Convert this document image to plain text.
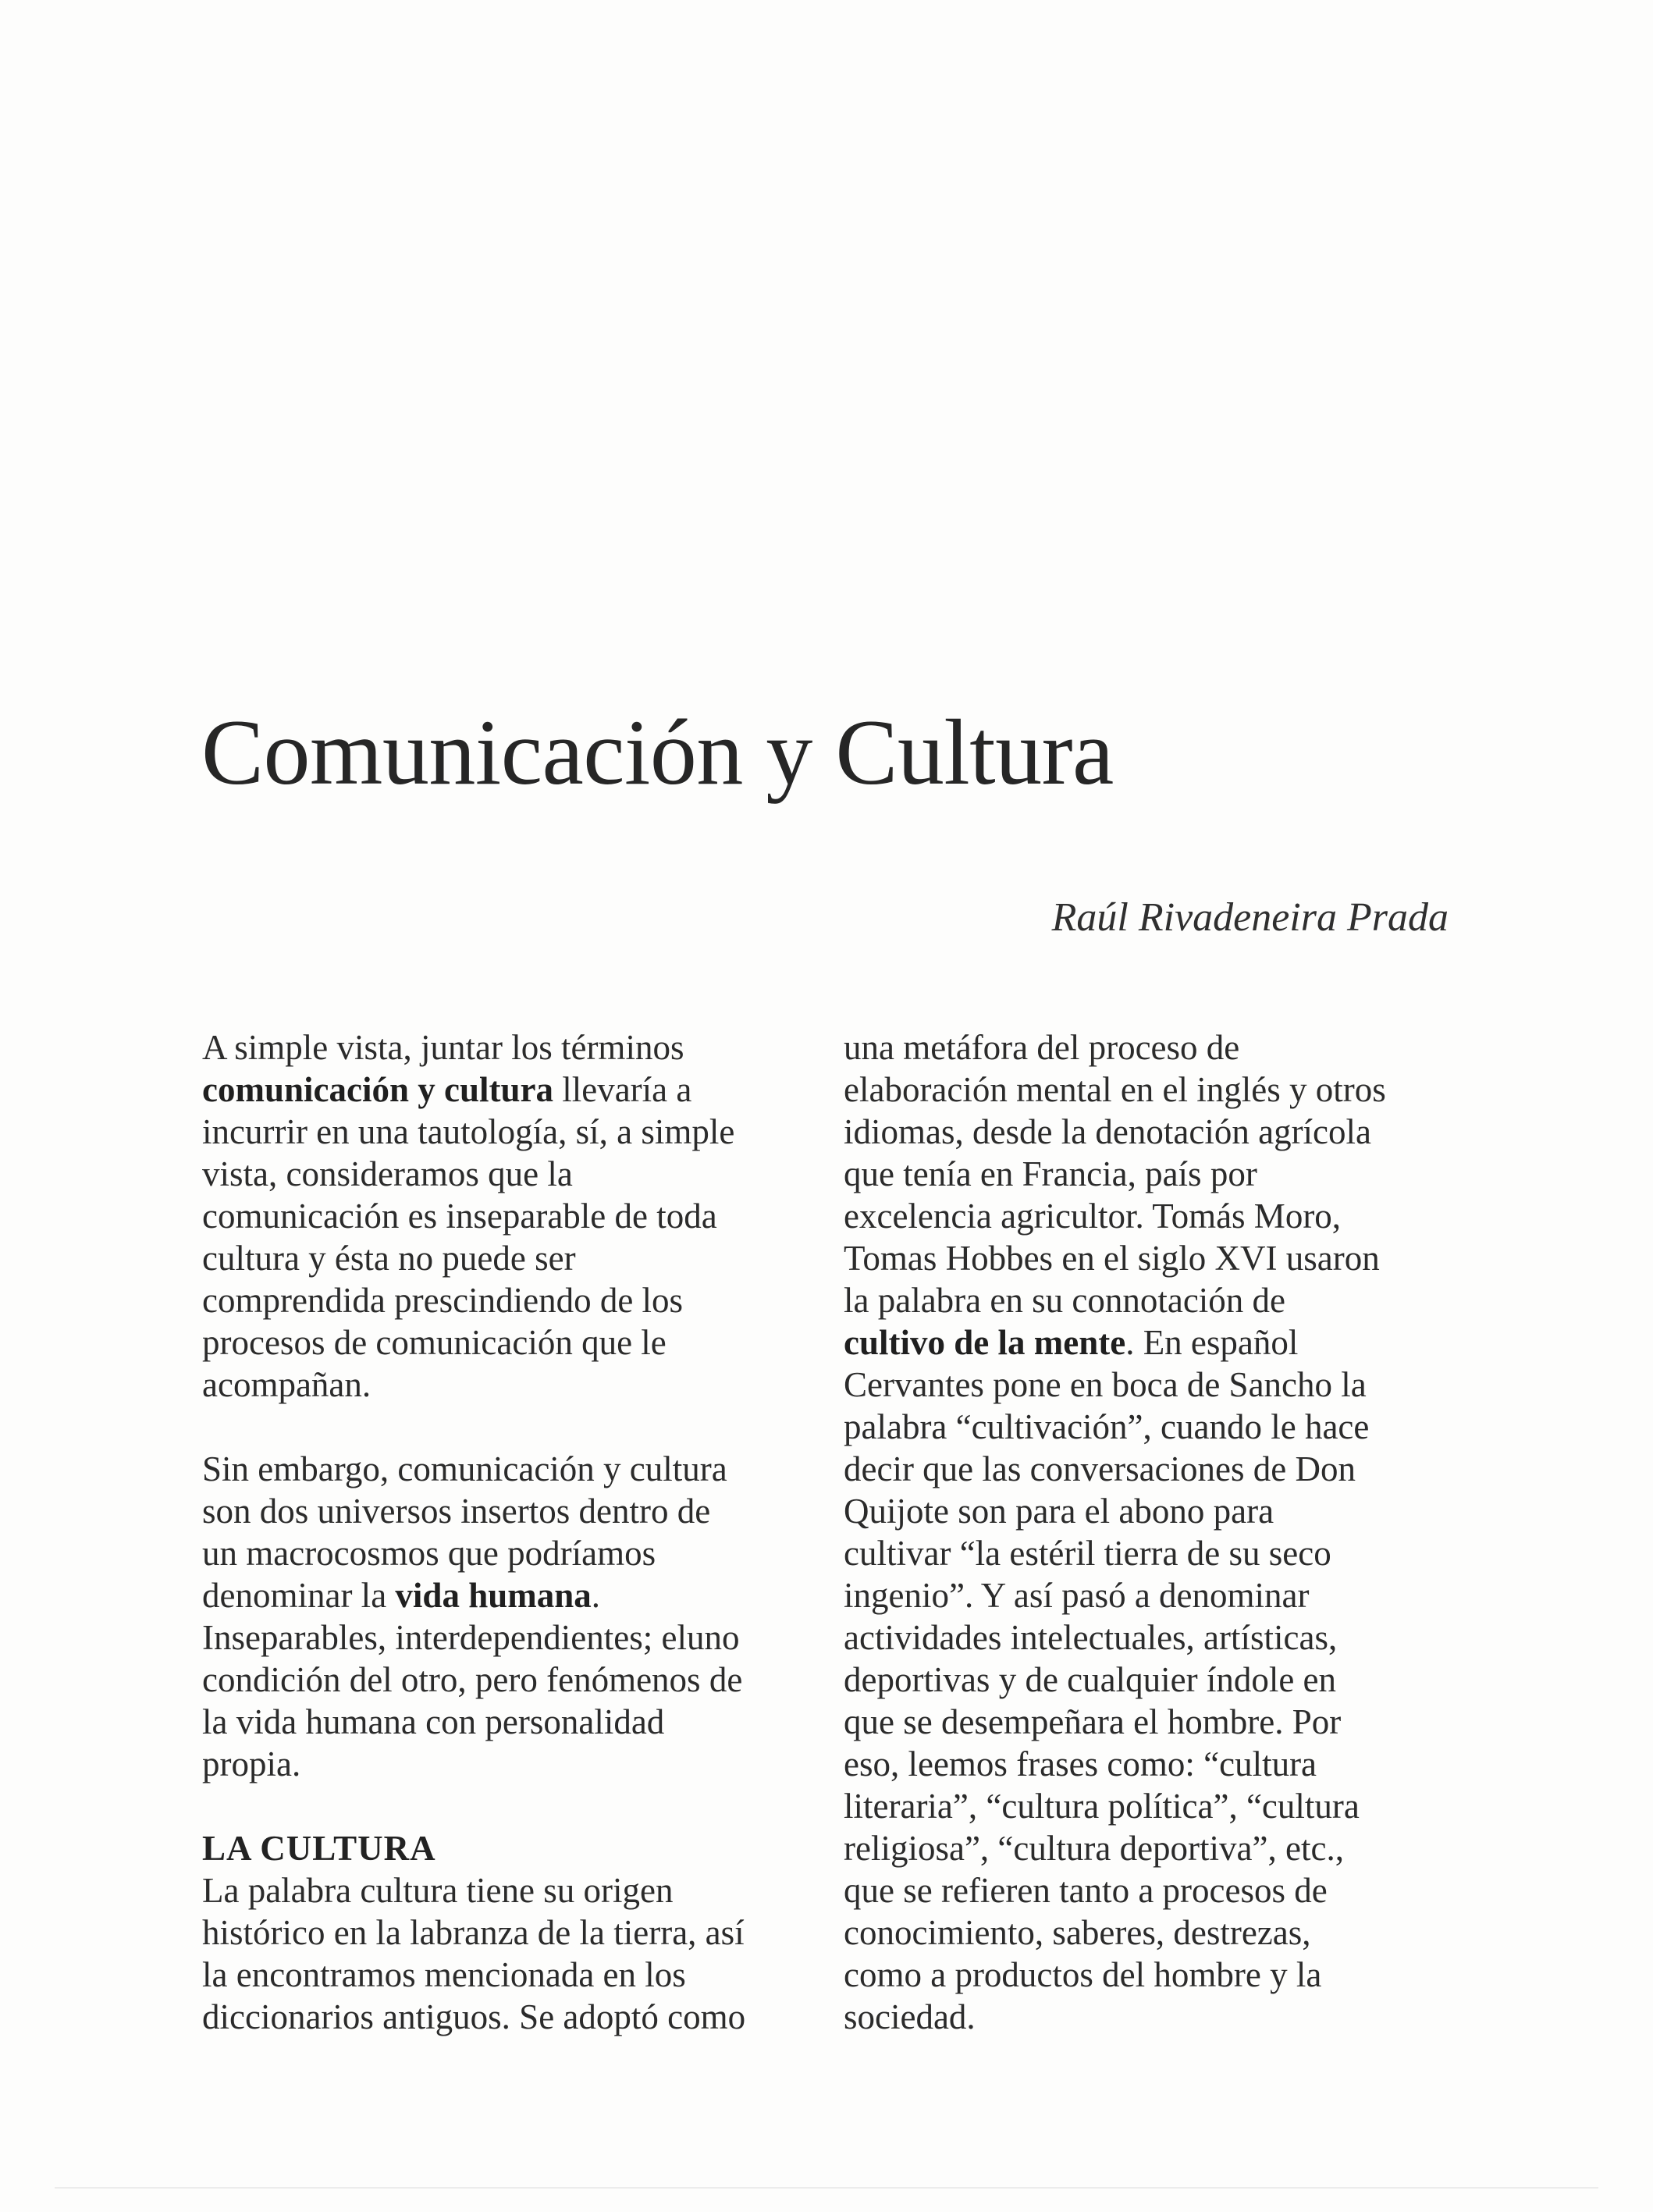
Comunicación y Cultura

Raúl Rivadeneira Prada

A simple vista, juntar los términos
comunicación y cultura llevaría a
incurrir en una tautología, sí, a simple
vista, consideramos que la
comunicación es inseparable de toda
cultura y ésta no puede ser
comprendida prescindiendo de los
procesos de comunicación que le
acompañan.

Sin embargo, comunicación y cultura
son dos universos insertos dentro de
un macrocosmos que podríamos
denominar la vida humana.
Inseparables, interdependientes; eluno
condición del otro, pero fenómenos de
la vida humana con personalidad
propia.

LA CULTURA
La palabra cultura tiene su origen
histórico en la labranza de la tierra, así
la encontramos mencionada en los
diccionarios antiguos. Se adoptó como

una metáfora del proceso de
elaboración mental en el inglés y otros
idiomas, desde la denotación agrícola
que tenía en Francia, país por
excelencia agricultor. Tomás Moro,
Tomas Hobbes en el siglo XVI usaron
la palabra en su connotación de
cultivo de la mente. En español
Cervantes pone en boca de Sancho la
palabra “cultivación”, cuando le hace
decir que las conversaciones de Don
Quijote son para el abono para
cultivar “la estéril tierra de su seco
ingenio”. Y así pasó a denominar
actividades intelectuales, artísticas,
deportivas y de cualquier índole en
que se desempeñara el hombre. Por
eso, leemos frases como: “cultura
literaria”, “cultura política”, “cultura
religiosa”, “cultura deportiva”, etc.,
que se refieren tanto a procesos de
conocimiento, saberes, destrezas,
como a productos del hombre y la
sociedad.
